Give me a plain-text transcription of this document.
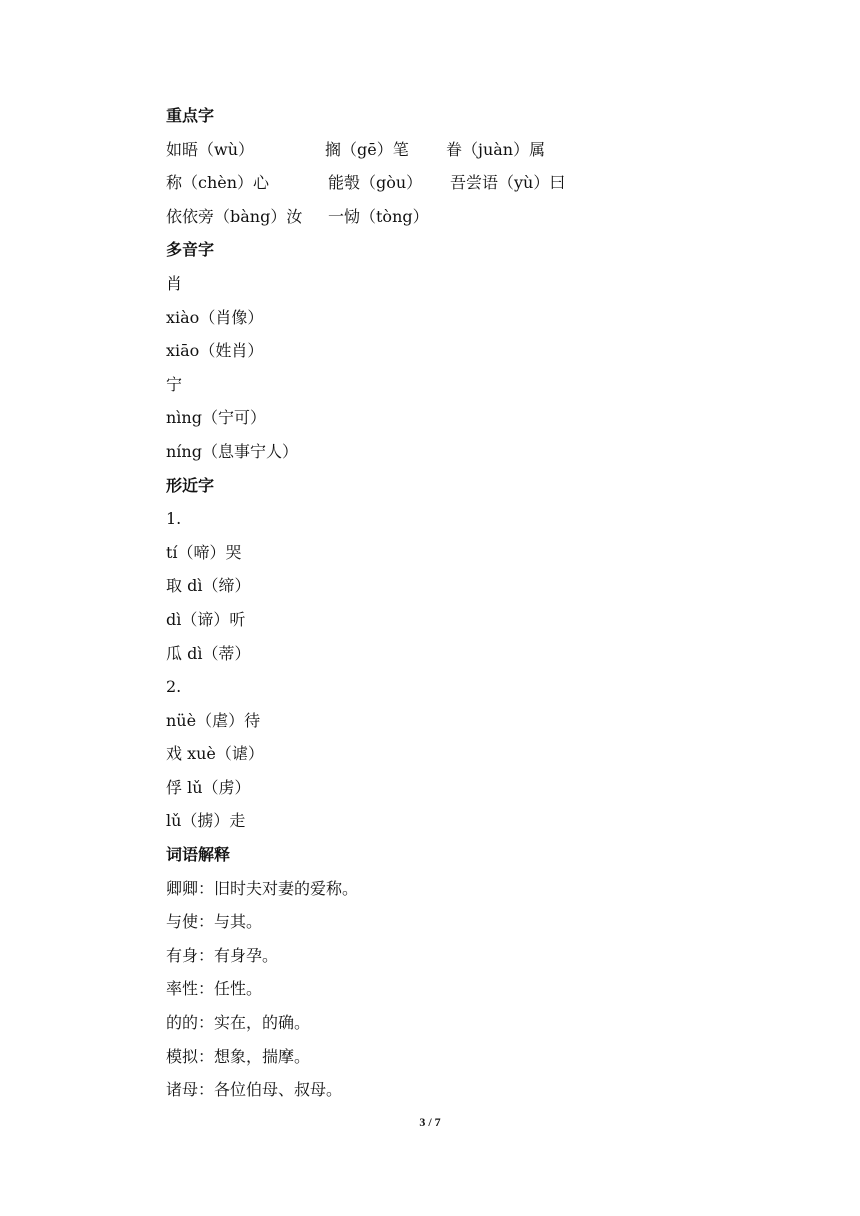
重点字
如晤（wù）	搁（gē）笔 眷（juàn）属
称（chèn）心	能彀（gòu） 吾尝语（yù）曰
依依旁（bàng）汝 一恸（tòng）
多音字
肖
xiào（肖像）
xiāo（姓肖）
宁
nìng（宁可）
níng（息事宁人）
形近字
1.
tí（啼）哭
取 dì（缔）
dì（谛）听
瓜 dì（蒂）
2.
nüè（虐）待
戏 xuè（谑）
俘 lǔ（虏）
lǔ（掳）走
词语解释
卿卿：旧时夫对妻的爱称。
与使：与其。
有身：有身孕。
率性：任性。
的的：实在，的确。
模拟：想象，揣摩。
诸母：各位伯母、叔母。
3 / 7
